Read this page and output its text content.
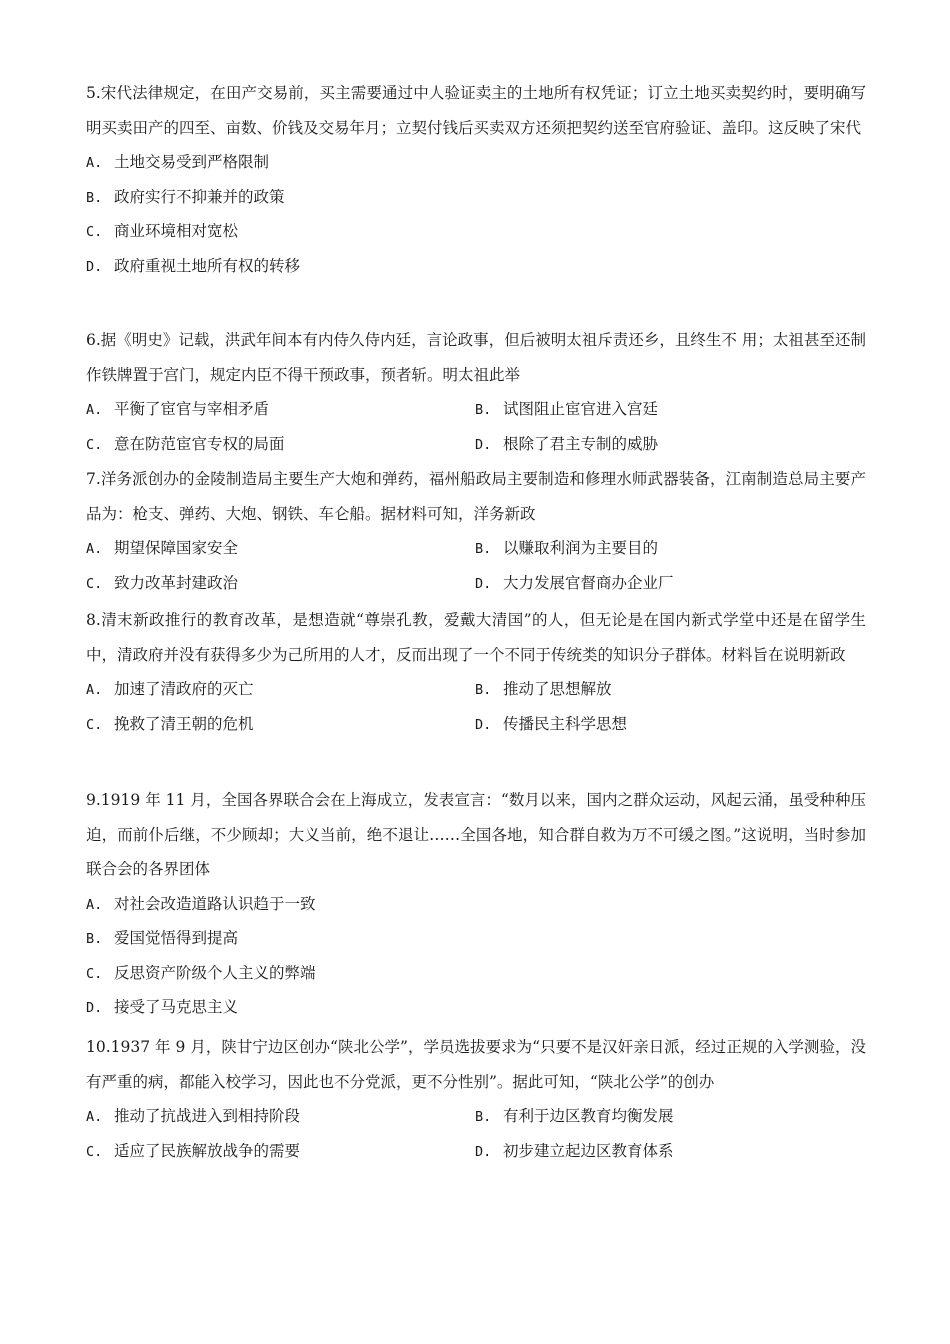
5.宋代法律规定，在田产交易前，买主需要通过中人验证卖主的土地所有权凭证；订立土地买卖契约时，要明确写明买卖田产的四至、亩数、价钱及交易年月；立契付钱后买卖双方还须把契约送至官府验证、盖印。这反映了宋代

A. 土地交易受到严格限制
B. 政府实行不抑兼并的政策
C. 商业环境相对宽松
D. 政府重视土地所有权的转移

6.据《明史》记载，洪武年间本有内侍久侍内廷，言论政事，但后被明太祖斥责还乡，且终生不 用；太祖甚至还制作铁牌置于宫门，规定内臣不得干预政事，预者斩。明太祖此举

A. 平衡了宦官与宰相矛盾	B. 试图阻止宦官进入宫廷
C. 意在防范宦官专权的局面	D. 根除了君主专制的威胁

7.洋务派创办的金陵制造局主要生产大炮和弹药，福州船政局主要制造和修理水师武器装备，江南制造总局主要产品为：枪支、弹药、大炮、钢铁、车仑船。据材料可知，洋务新政

A. 期望保障国家安全	B. 以赚取利润为主要目的
C. 致力改革封建政治	D. 大力发展官督商办企业厂

8.清末新政推行的教育改革，是想造就“尊崇孔教，爱戴大清国”的人，但无论是在国内新式学堂中还是在留学生中，清政府并没有获得多少为己所用的人才，反而出现了一个不同于传统类的知识分子群体。材料旨在说明新政

A. 加速了清政府的灭亡	B. 推动了思想解放
C. 挽救了清王朝的危机	D. 传播民主科学思想

9.1919 年 11 月，全国各界联合会在上海成立，发表宣言：“数月以来，国内之群众运动，风起云涌，虽受种种压迫，而前仆后继，不少顾却；大义当前，绝不退让……全国各地，知合群自救为万不可缓之图。”这说明，当时参加联合会的各界团体

A. 对社会改造道路认识趋于一致
B. 爱国觉悟得到提高
C. 反思资产阶级个人主义的弊端
D. 接受了马克思主义

10.1937 年 9 月，陕甘宁边区创办“陕北公学”，学员选拔要求为“只要不是汉奸亲日派，经过正规的入学测验，没有严重的病，都能入校学习，因此也不分党派，更不分性别”。据此可知，“陕北公学”的创办

A. 推动了抗战进入到相持阶段	B. 有利于边区教育均衡发展
C. 适应了民族解放战争的需要	D. 初步建立起边区教育体系
